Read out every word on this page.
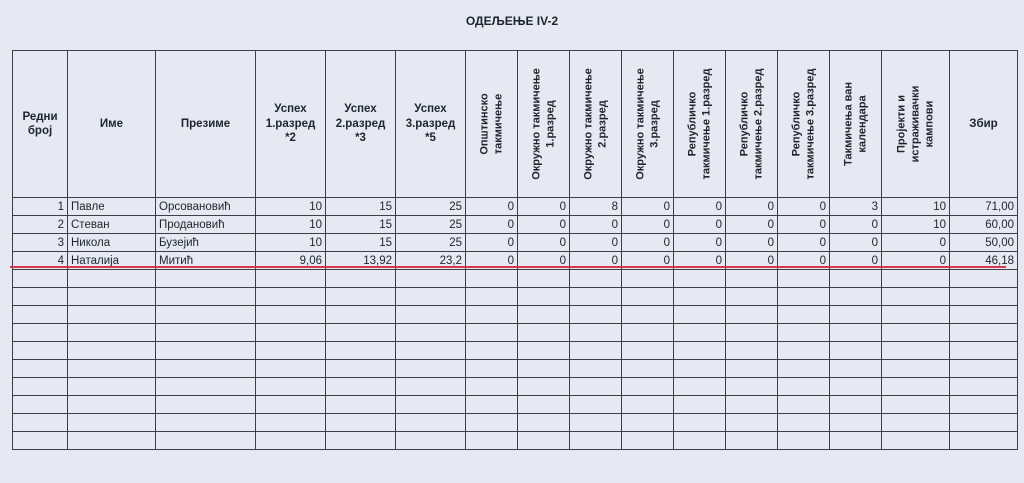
ОДЕЉЕЊЕ IV-2
Редни број	Име	Презиме	Успех
1.разред
*2	Успех
2.разред
*3	Успех
3.разред
*5	Општинско такмичење	Окружно такмичење 1.разред	Окружно такмичење 2.разред	Окружно такмичење 3.разред	Републичко такмичење 1.разред	Републичко такмичење 2.разред	Републичко такмичење 3.разред	Такмичења ван календара	Пројекти и истраживачки кампови	Збир
1	Павле	Орсовановић	10	15	25	0	0	8	0	0	0	0	3	10	71,00
2	Стеван	Продановић	10	15	25	0	0	0	0	0	0	0	0	10	60,00
3	Никола	Бузејић	10	15	25	0	0	0	0	0	0	0	0	0	50,00
4	Наталија	Митић	9,06	13,92	23,2	0	0	0	0	0	0	0	0	0	46,18
